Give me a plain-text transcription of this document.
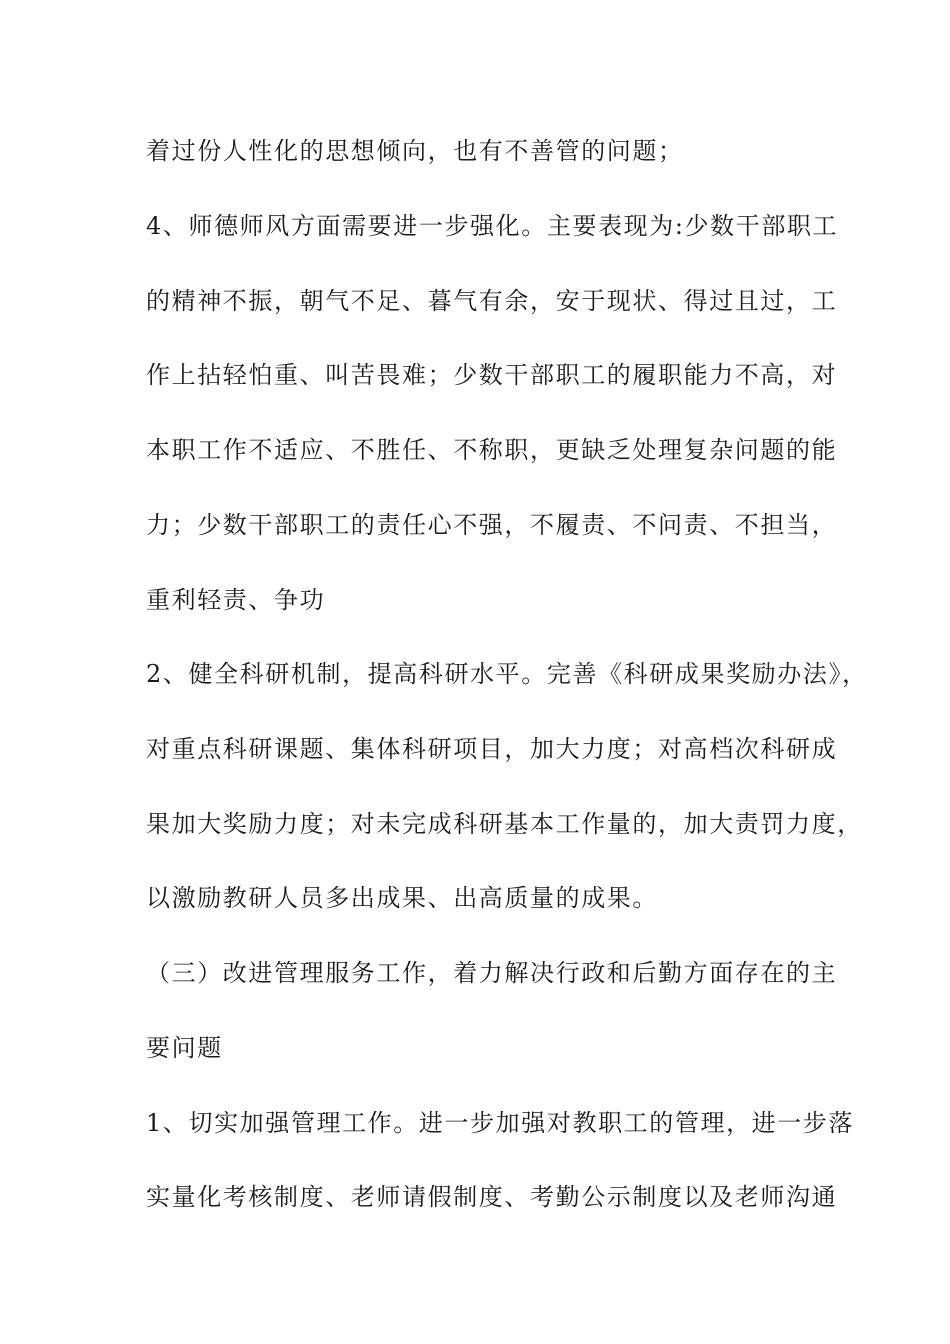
着过份人性化的思想倾向，也有不善管的问题；
4、师德师风方面需要进一步强化。主要表现为:少数干部职工
的精神不振，朝气不足、暮气有余，安于现状、得过且过，工
作上拈轻怕重、叫苦畏难；少数干部职工的履职能力不高，对
本职工作不适应、不胜任、不称职，更缺乏处理复杂问题的能
力；少数干部职工的责任心不强，不履责、不问责、不担当，
重利轻责、争功
2、健全科研机制，提高科研水平。完善《科研成果奖励办法》，
对重点科研课题、集体科研项目，加大力度；对高档次科研成
果加大奖励力度；对未完成科研基本工作量的，加大责罚力度，
以激励教研人员多出成果、出高质量的成果。
（三）改进管理服务工作，着力解决行政和后勤方面存在的主
要问题
1、切实加强管理工作。进一步加强对教职工的管理，进一步落
实量化考核制度、老师请假制度、考勤公示制度以及老师沟通
